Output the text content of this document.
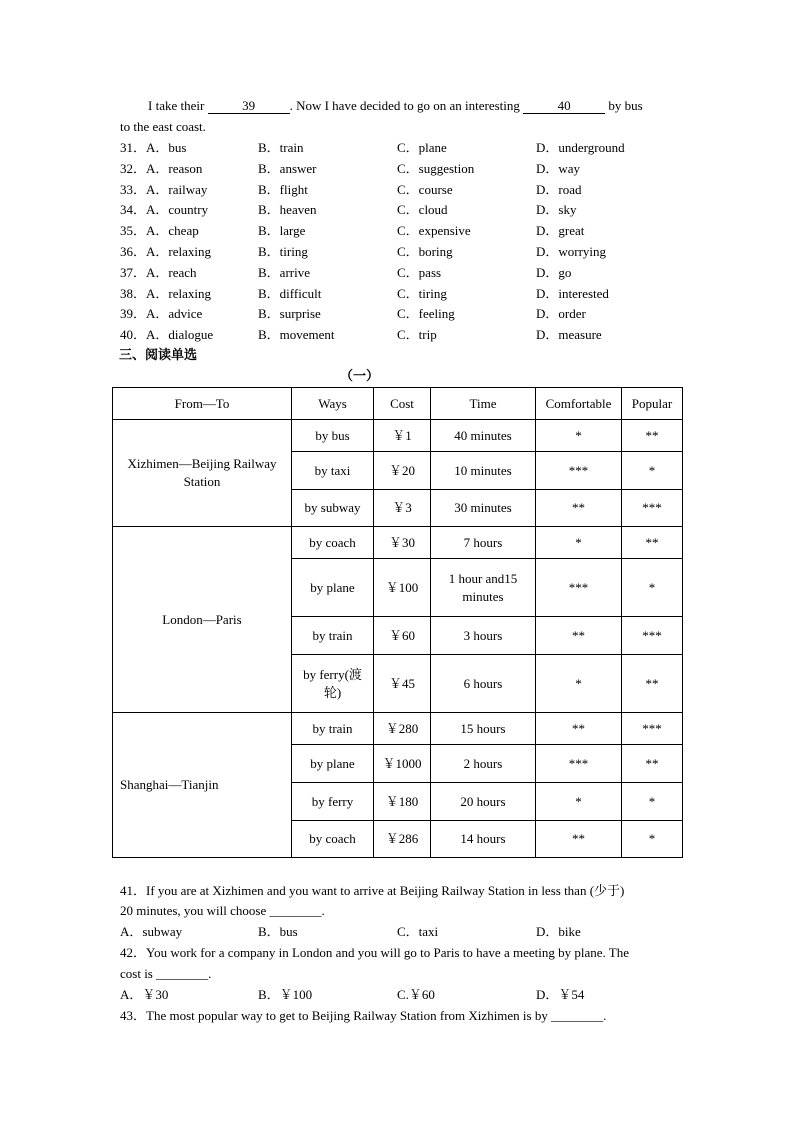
I take their	39	. Now I have decided to go on an interesting	40	by bus
to the east coast.
31．A．bus	B．train	C．plane	D．underground
32．A．reason	B．answer	C．suggestion	D．way
33．A．railway	B．flight	C．course	D．road
34．A．country	B．heaven	C．cloud	D．sky
35．A．cheap	B．large	C．expensive	D．great
36．A．relaxing	B．tiring	C．boring	D．worrying
37．A．reach	B．arrive	C．pass	D．go
38．A．relaxing	B．difficult	C．tiring	D．interested
39．A．advice	B．surprise	C．feeling	D．order
40．A．dialogue	B．movement	C．trip	D．measure
三、阅读单选
（一）
From—To	Ways	Cost	Time	Comfortable	Popular
Xizhimen—Beijing Railway Station	by bus	￥1	40 minutes	*	**
	by taxi	￥20	10 minutes	***	*
	by subway	￥3	30 minutes	**	***
London—Paris	by coach	￥30	7 hours	*	**
	by plane	￥100	1 hour and15 minutes	***	*
	by train	￥60	3 hours	**	***
	by ferry(渡轮)	￥45	6 hours	*	**
Shanghai—Tianjin	by train	￥280	15 hours	**	***
	by plane	￥1000	2 hours	***	**
	by ferry	￥180	20 hours	*	*
	by coach	￥286	14 hours	**	*
41．If you are at Xizhimen and you want to arrive at Beijing Railway Station in less than (少于)
20 minutes, you will choose ________.
A．subway	B．bus	C．taxi	D．bike
42．You work for a company in London and you will go to Paris to have a meeting by plane. The
cost is ________.
A．￥30	B．￥100	C.￥60	D．￥54
43．The most popular way to get to Beijing Railway Station from Xizhimen is by ________.
